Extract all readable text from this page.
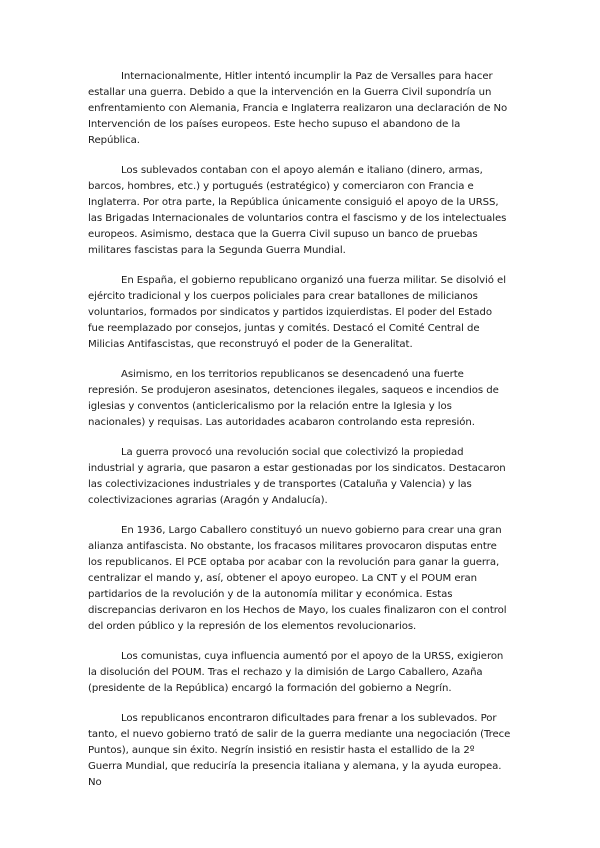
Internacionalmente, Hitler intentó incumplir la Paz de Versalles para hacer estallar una guerra. Debido a que la intervención en la Guerra Civil supondría un enfrentamiento con Alemania, Francia e Inglaterra realizaron una declaración de No Intervención de los países europeos. Este hecho supuso el abandono de la República.

Los sublevados contaban con el apoyo alemán e italiano (dinero, armas, barcos, hombres, etc.) y portugués (estratégico) y comerciaron con Francia e Inglaterra. Por otra parte, la República únicamente consiguió el apoyo de la URSS, las Brigadas Internacionales de voluntarios contra el fascismo y de los intelectuales europeos. Asimismo, destaca que la Guerra Civil supuso un banco de pruebas militares fascistas para la Segunda Guerra Mundial.

En España, el gobierno republicano organizó una fuerza militar. Se disolvió el ejército tradicional y los cuerpos policiales para crear batallones de milicianos voluntarios, formados por sindicatos y partidos izquierdistas. El poder del Estado fue reemplazado por consejos, juntas y comités. Destacó el Comité Central de Milicias Antifascistas, que reconstruyó el poder de la Generalitat.

Asimismo, en los territorios republicanos se desencadenó una fuerte represión. Se produjeron asesinatos, detenciones ilegales, saqueos e incendios de iglesias y conventos (anticlericalismo por la relación entre la Iglesia y los nacionales) y requisas. Las autoridades acabaron controlando esta represión.

La guerra provocó una revolución social que colectivizó la propiedad industrial y agraria, que pasaron a estar gestionadas por los sindicatos. Destacaron las colectivizaciones industriales y de transportes (Cataluña y Valencia) y las colectivizaciones agrarias (Aragón y Andalucía).

En 1936, Largo Caballero constituyó un nuevo gobierno para crear una gran alianza antifascista. No obstante, los fracasos militares provocaron disputas entre los republicanos. El PCE optaba por acabar con la revolución para ganar la guerra, centralizar el mando y, así, obtener el apoyo europeo. La CNT y el POUM eran partidarios de la revolución y de la autonomía militar y económica. Estas discrepancias derivaron en los Hechos de Mayo, los cuales finalizaron con el control del orden público y la represión de los elementos revolucionarios.

Los comunistas, cuya influencia aumentó por el apoyo de la URSS, exigieron la disolución del POUM. Tras el rechazo y la dimisión de Largo Caballero, Azaña (presidente de la República) encargó la formación del gobierno a Negrín.

Los republicanos encontraron dificultades para frenar a los sublevados. Por tanto, el nuevo gobierno trató de salir de la guerra mediante una negociación (Trece Puntos), aunque sin éxito. Negrín insistió en resistir hasta el estallido de la 2º Guerra Mundial, que reduciría la presencia italiana y alemana, y la ayuda europea. No
